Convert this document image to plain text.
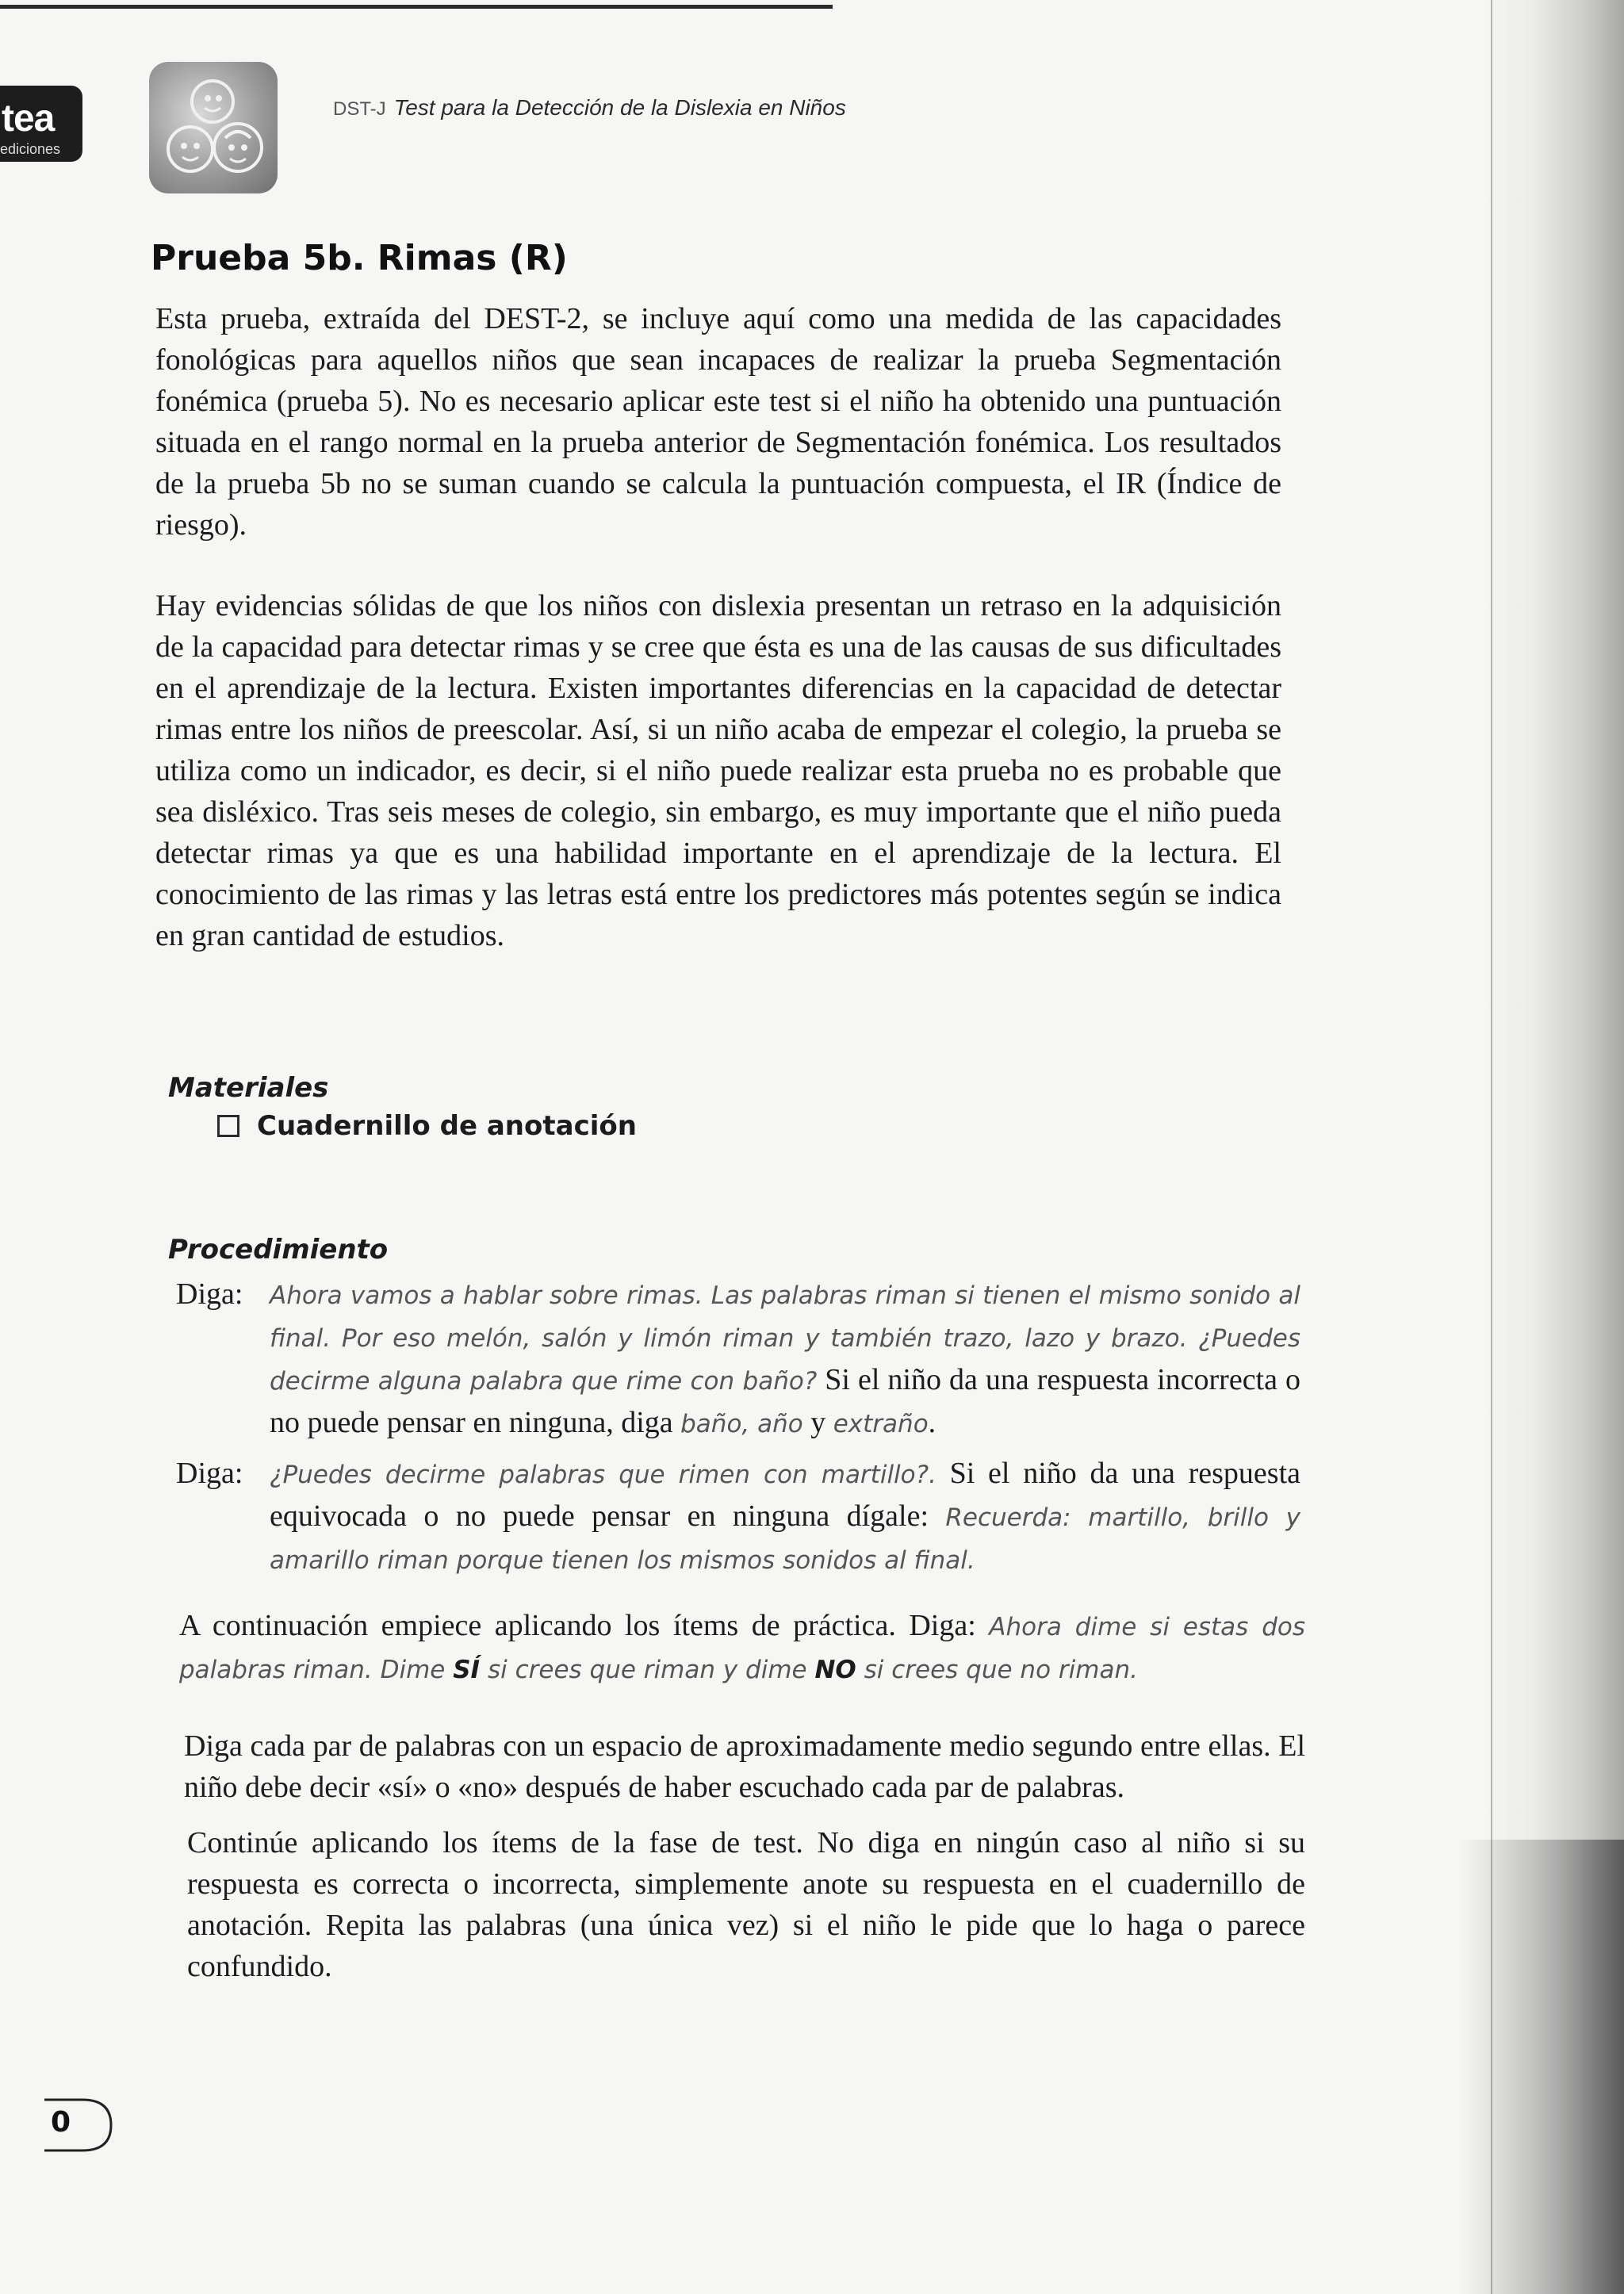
tea
ediciones
DST-J Test para la Detección de la Dislexia en Niños
Prueba 5b. Rimas (R)

Esta prueba, extraída del DEST-2, se incluye aquí como una medida de las capacidades fonológicas para aquellos niños que sean incapaces de realizar la prueba Segmentación fonémica (prueba 5). No es necesario aplicar este test si el niño ha obtenido una puntuación situada en el rango normal en la prueba anterior de Segmentación fonémica. Los resultados de la prueba 5b no se suman cuando se calcula la puntuación compuesta, el IR (Índice de riesgo).

Hay evidencias sólidas de que los niños con dislexia presentan un retraso en la adquisición de la capacidad para detectar rimas y se cree que ésta es una de las causas de sus dificultades en el aprendizaje de la lectura. Existen importantes diferencias en la capacidad de detectar rimas entre los niños de preescolar. Así, si un niño acaba de empezar el colegio, la prueba se utiliza como un indicador, es decir, si el niño puede realizar esta prueba no es probable que sea disléxico. Tras seis meses de colegio, sin embargo, es muy importante que el niño pueda detectar rimas ya que es una habilidad importante en el aprendizaje de la lectura. El conocimiento de las rimas y las letras está entre los predictores más potentes según se indica en gran cantidad de estudios.

Materiales
Cuadernillo de anotación
Procedimiento
Diga: Ahora vamos a hablar sobre rimas. Las palabras riman si tienen el mismo sonido al final. Por eso melón, salón y limón riman y también trazo, lazo y brazo. ¿Puedes decirme alguna palabra que rime con baño? Si el niño da una respuesta incorrecta o no puede pensar en ninguna, diga baño, año y extraño.
Diga: ¿Puedes decirme palabras que rimen con martillo?. Si el niño da una respuesta equivocada o no puede pensar en ninguna dígale: Recuerda: martillo, brillo y amarillo riman porque tienen los mismos sonidos al final.

A continuación empiece aplicando los ítems de práctica. Diga: Ahora dime si estas dos palabras riman. Dime SÍ si crees que riman y dime NO si crees que no riman.

Diga cada par de palabras con un espacio de aproximadamente medio segundo entre ellas. El niño debe decir «sí» o «no» después de haber escuchado cada par de palabras.

Continúe aplicando los ítems de la fase de test. No diga en ningún caso al niño si su respuesta es correcta o incorrecta, simplemente anote su respuesta en el cuadernillo de anotación. Repita las palabras (una única vez) si el niño le pide que lo haga o parece confundido.

0
